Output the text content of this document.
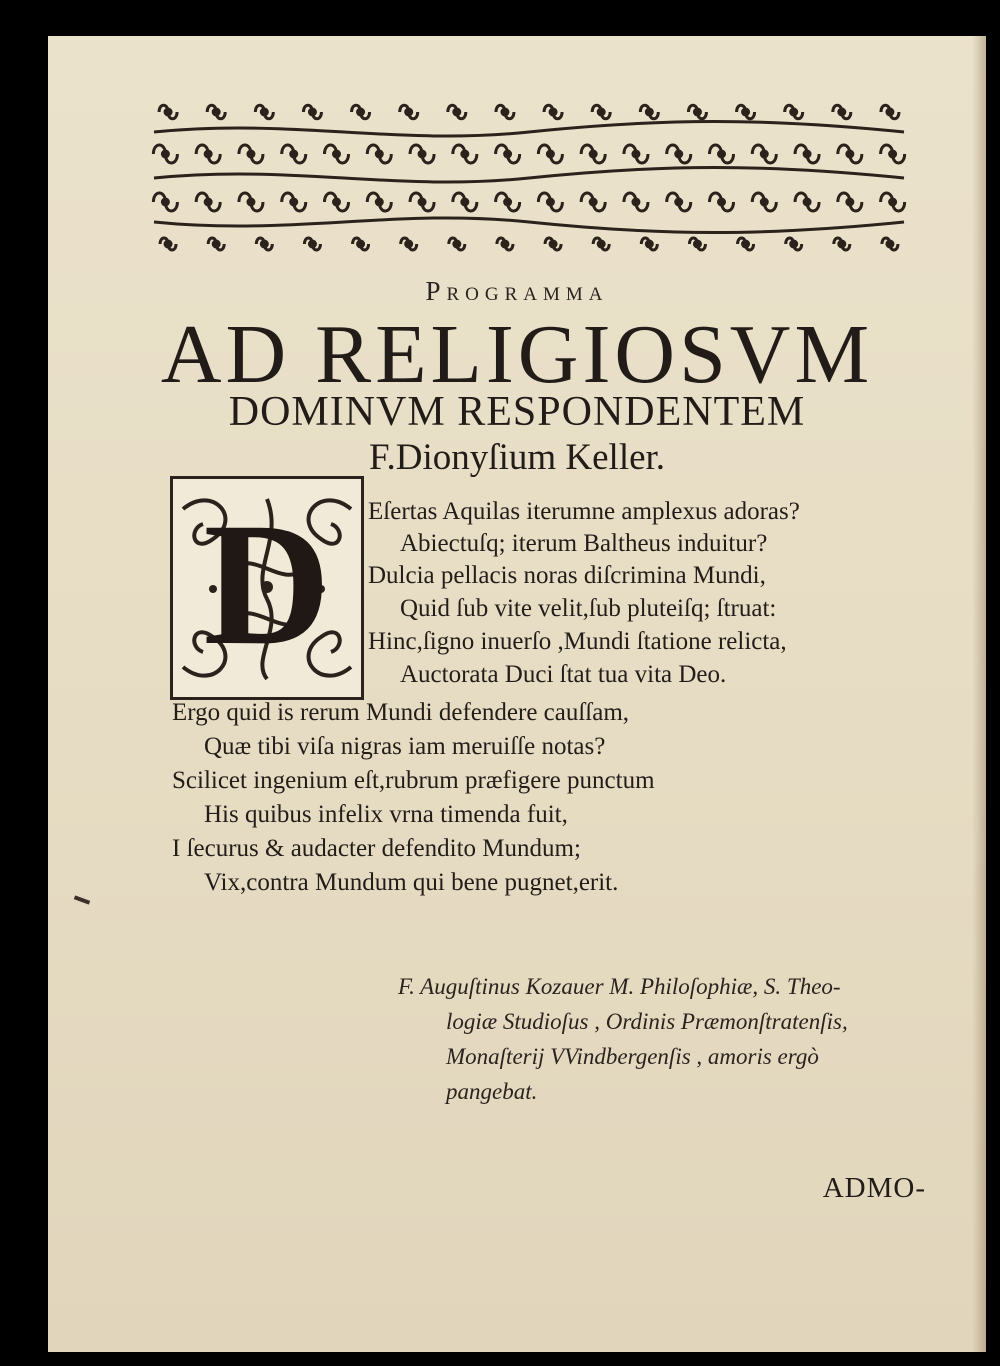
Programma
AD RELIGIOSVM
DOMINVM RESPONDENTEM
F.Dionyſium Keller.
D	Eſertas Aquilas iterumne amplexus adoras?
Abiectuſq; iterum Baltheus induitur?
Dulcia pellacis noras diſcrimina Mundi,
Quid ſub vite velit,ſub pluteiſq; ſtruat:
Hinc,ſigno inuerſo ,Mundi ſtatione relicta,
Auctorata Duci ſtat tua vita Deo.
Ergo quid is rerum Mundi defendere cauſſam,
Quæ tibi viſa nigras iam meruiſſe notas?
Scilicet ingenium eſt,rubrum præfigere punctum
His quibus infelix vrna timenda fuit,
I ſecurus & audacter defendito Mundum;
Vix,contra Mundum qui bene pugnet,erit.
F. Auguſtinus Kozauer M. Philoſophiæ, S. Theo-
logiæ Studioſus , Ordinis Præmonſtratenſis,
Monaſterij VVindbergenſis , amoris ergò
pangebat.
ADMO-
